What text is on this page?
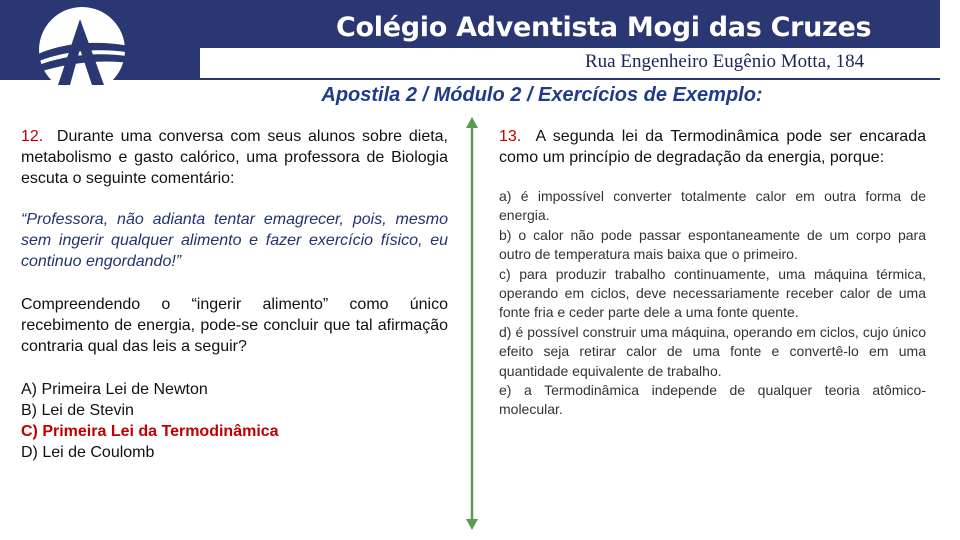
Colégio Adventista Mogi das Cruzes
Rua Engenheiro Eugênio Motta, 184
Apostila 2 / Módulo 2 / Exercícios de Exemplo:

12. Durante uma conversa com seus alunos sobre dieta, metabolismo e gasto calórico, uma professora de Biologia escuta o seguinte comentário:

“Professora, não adianta tentar emagrecer, pois, mesmo sem ingerir qualquer alimento e fazer exercício físico, eu continuo engordando!”
Compreendendo o “ingerir alimento” como único recebimento de energia, pode-se concluir que tal afirmação contraria qual das leis a seguir?
A) Primeira Lei de Newton
B) Lei de Stevin
C) Primeira Lei da Termodinâmica
D) Lei de Coulomb

13. A segunda lei da Termodinâmica pode ser encarada como um princípio de degradação da energia, porque:

a) é impossível converter totalmente calor em outra forma de energia.
b) o calor não pode passar espontaneamente de um corpo para outro de temperatura mais baixa que o primeiro.
c) para produzir trabalho continuamente, uma máquina térmica, operando em ciclos, deve necessariamente receber calor de uma fonte fria e ceder parte dele a uma fonte quente.
d) é possível construir uma máquina, operando em ciclos, cujo único efeito seja retirar calor de uma fonte e convertê-lo em uma quantidade equivalente de trabalho.
e) a Termodinâmica independe de qualquer teoria atômico-molecular.
